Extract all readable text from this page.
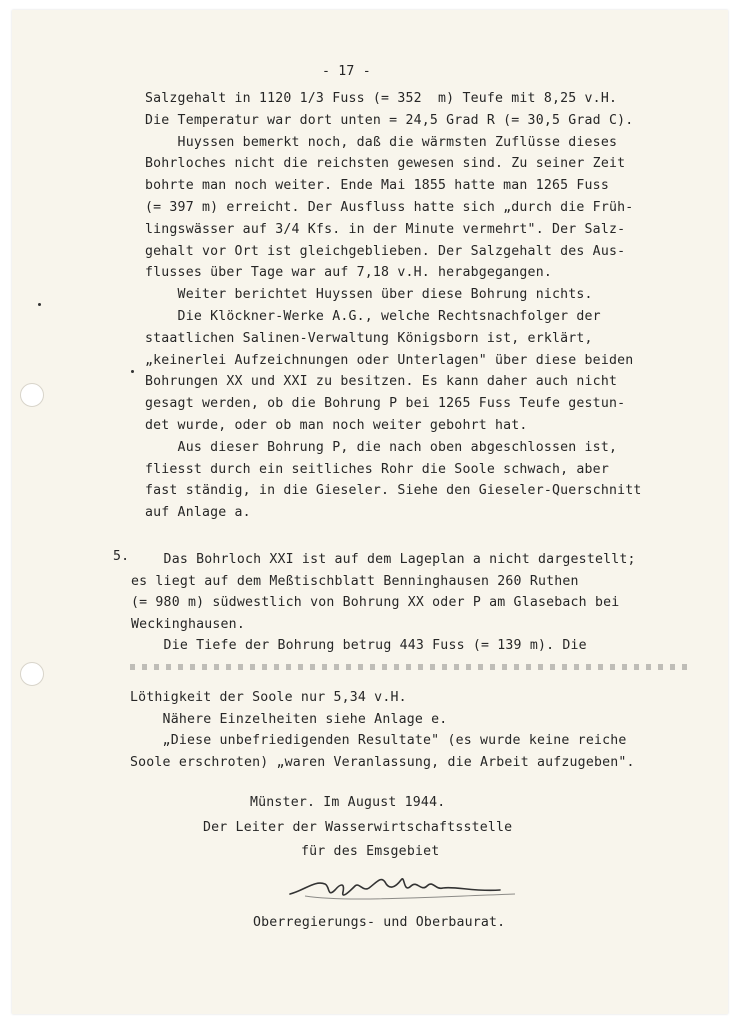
- 17 -
Salzgehalt in 1120 1/3 Fuss (= 352  m) Teufe mit 8,25 v.H.
Die Temperatur war dort unten = 24,5 Grad R (= 30,5 Grad C).
Huyssen bemerkt noch, daß die wärmsten Zuflüsse dieses
Bohrloches nicht die reichsten gewesen sind. Zu seiner Zeit
bohrte man noch weiter. Ende Mai 1855 hatte man 1265 Fuss
(= 397 m) erreicht. Der Ausfluss hatte sich „durch die Früh-
lingswässer auf 3/4 Kfs. in der Minute vermehrt". Der Salz-
gehalt vor Ort ist gleichgeblieben. Der Salzgehalt des Aus-
flusses über Tage war auf 7,18 v.H. herabgegangen.
Weiter berichtet Huyssen über diese Bohrung nichts.
Die Klöckner-Werke A.G., welche Rechtsnachfolger der
staatlichen Salinen-Verwaltung Königsborn ist, erklärt,
„keinerlei Aufzeichnungen oder Unterlagen" über diese beiden
Bohrungen XX und XXI zu besitzen. Es kann daher auch nicht
gesagt werden, ob die Bohrung P bei 1265 Fuss Teufe gestun-
det wurde, oder ob man noch weiter gebohrt hat.
Aus dieser Bohrung P, die nach oben abgeschlossen ist,
fliesst durch ein seitliches Rohr die Soole schwach, aber
fast ständig, in die Gieseler. Siehe den Gieseler-Querschnitt
auf Anlage a.
5. Das Bohrloch XXI ist auf dem Lageplan a nicht dargestellt;
es liegt auf dem Meßtischblatt Benninghausen 260 Ruthen
(= 980 m) südwestlich von Bohrung XX oder P am Glasebach bei
Weckinghausen.
Die Tiefe der Bohrung betrug 443 Fuss (= 139 m). Die
Löthigkeit der Soole nur 5,34 v.H.
Nähere Einzelheiten siehe Anlage e.
„Diese unbefriedigenden Resultate" (es wurde keine reiche
Soole erschroten) „waren Veranlassung, die Arbeit aufzugeben".
Münster. Im August 1944.
Der Leiter der Wasserwirtschaftsstelle
für des Emsgebiet
Oberregierungs- und Oberbaurat.
